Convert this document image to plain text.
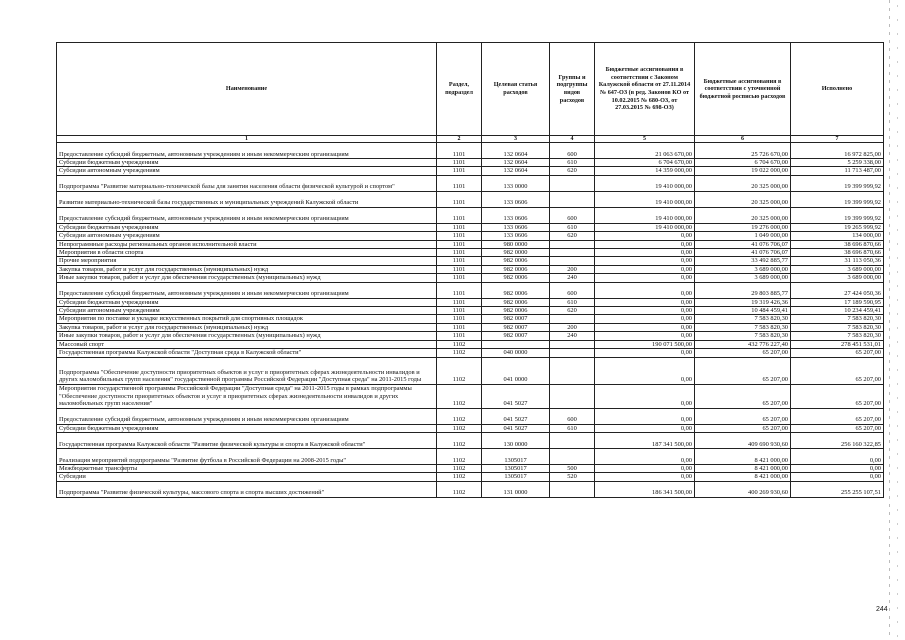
Наименование	Раздел, подраздел	Целевая статья расходов	Группы и подгруппы видов расходов	Бюджетные ассигнования в соответствии с Законом Калужской области от 27.11.2014 № 647-ОЗ (в ред. Законов КО от 10.02.2015 № 680-ОЗ, от 27.03.2015 № 698-ОЗ)	Бюджетные ассигнования в соответствии с уточненной бюджетной росписью расходов	Исполнено
1	2	3	4	5	6	7
Предоставление субсидий бюджетным, автономным учреждениям и иным некоммерческим организациям	1101	132 0604	600	21 063 670,00	25 726 670,00	16 972 825,00
Субсидии бюджетным учреждениям	1101	132 0604	610	6 704 670,00	6 704 670,00	5 259 338,00
Субсидии автономным учреждениям	1101	132 0604	620	14 359 000,00	19 022 000,00	11 713 487,00
Подпрограмма "Развитие материально-технической базы для занятия населения области физической культурой и спортом"	1101	133 0000		19 410 000,00	20 325 000,00	19 399 999,92
Развитие материально-технической базы государственных и муниципальных учреждений Калужской области	1101	133 0606		19 410 000,00	20 325 000,00	19 399 999,92
Предоставление субсидий бюджетным, автономным учреждениям и иным некоммерческим организациям	1101	133 0606	600	19 410 000,00	20 325 000,00	19 399 999,92
Субсидии бюджетным учреждениям	1101	133 0606	610	19 410 000,00	19 276 000,00	19 265 999,92
Субсидии автономным учреждениям	1101	133 0606	620	0,00	1 049 000,00	134 000,00
Непрограммные расходы региональных органов исполнительной власти	1101	980 0000		0,00	41 076 706,07	38 696 870,66
Мероприятия в области спорта	1101	982 0000		0,00	41 076 706,07	38 696 870,66
Прочие мероприятия	1101	982 0006		0,00	33 492 885,77	31 113 050,36
Закупка товаров, работ и услуг для государственных (муниципальных) нужд	1101	982 0006	200	0,00	3 689 000,00	3 689 000,00
Иные закупки товаров, работ и услуг для обеспечения государственных (муниципальных) нужд	1101	982 0006	240	0,00	3 689 000,00	3 689 000,00
Предоставление субсидий бюджетным, автономным учреждениям и иным некоммерческим организациям	1101	982 0006	600	0,00	29 803 885,77	27 424 050,36
Субсидии бюджетным учреждениям	1101	982 0006	610	0,00	19 319 426,36	17 189 590,95
Субсидии автономным учреждениям	1101	982 0006	620	0,00	10 484 459,41	10 234 459,41
Мероприятия по поставке и укладке искусственных покрытий для спортивных площадок	1101	982 0007		0,00	7 583 820,30	7 583 820,30
Закупка товаров, работ и услуг для государственных (муниципальных) нужд	1101	982 0007	200	0,00	7 583 820,30	7 583 820,30
Иные закупки товаров, работ и услуг для обеспечения государственных (муниципальных) нужд	1101	982 0007	240	0,00	7 583 820,30	7 583 820,30
Массовый спорт	1102			190 071 500,00	432 776 227,40	278 451 531,01
Государственная программа Калужской области "Доступная среда в Калужской области"	1102	040 0000		0,00	65 207,00	65 207,00
Подпрограмма "Обеспечение доступности приоритетных объектов и услуг в приоритетных сферах жизнедеятельности инвалидов и других маломобильных групп населения" государственной программы Российской Федерации "Доступная среда" на 2011-2015 годы	1102	041 0000		0,00	65 207,00	65 207,00
Мероприятия государственной программы Российской Федерации "Доступная среда" на 2011-2015 годы в рамках подпрограммы "Обеспечение доступности приоритетных объектов и услуг в приоритетных сферах жизнедеятельности инвалидов и других маломобильных групп населения"	1102	041 5027		0,00	65 207,00	65 207,00
Предоставление субсидий бюджетным, автономным учреждениям и иным некоммерческим организациям	1102	041 5027	600	0,00	65 207,00	65 207,00
Субсидии бюджетным учреждениям	1102	041 5027	610	0,00	65 207,00	65 207,00
Государственная программа Калужской области "Развитие физической культуры и спорта в Калужской области"	1102	130 0000		187 341 500,00	409 690 930,60	256 160 322,85
Реализация мероприятий подпрограммы "Развитие футбола в Российской Федерации на 2008-2015 годы"	1102	1305017		0,00	8 421 000,00	0,00
Межбюджетные трансферты	1102	1305017	500	0,00	8 421 000,00	0,00
Субсидии	1102	1305017	520	0,00	8 421 000,00	0,00
Подпрограмма "Развитие физической культуры, массового спорта и спорта высших достижений"	1102	131 0000		186 341 500,00	400 269 930,60	255 255 107,51
244
